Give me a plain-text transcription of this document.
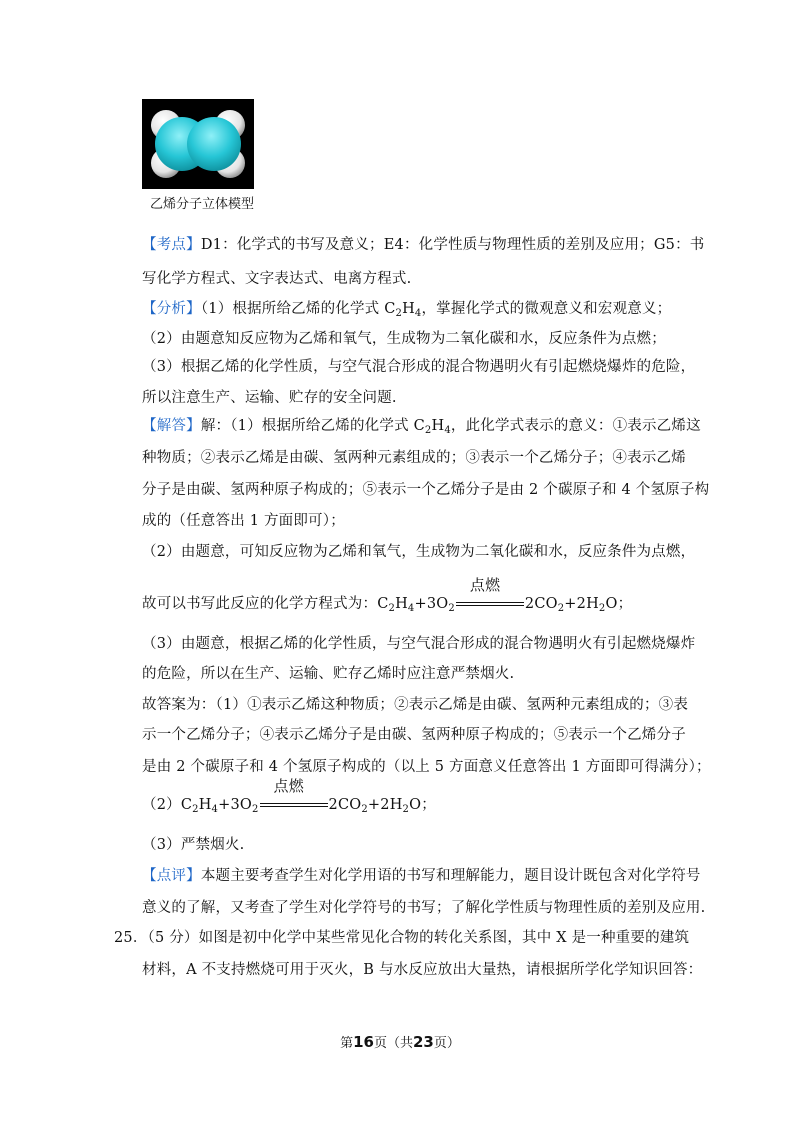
乙烯分子立体模型
【考点】D1：化学式的书写及意义；E4：化学性质与物理性质的差别及应用；G5：书
写化学方程式、文字表达式、电离方程式.
【分析】（1）根据所给乙烯的化学式 $C_2H_4$，掌握化学式的微观意义和宏观意义；
（2）由题意知反应物为乙烯和氧气，生成物为二氧化碳和水，反应条件为点燃；
（3）根据乙烯的化学性质，与空气混合形成的混合物遇明火有引起燃烧爆炸的危险，
所以注意生产、运输、贮存的安全问题.
【解答】解：（1）根据所给乙烯的化学式 $C_2H_4$，此化学式表示的意义：①表示乙烯这
种物质；②表示乙烯是由碳、氢两种元素组成的；③表示一个乙烯分子；④表示乙烯
分子是由碳、氢两种原子构成的；⑤表示一个乙烯分子是由 2 个碳原子和 4 个氢原子构
成的（任意答出 1 方面即可）；
（2）由题意，可知反应物为乙烯和氧气，生成物为二氧化碳和水，反应条件为点燃，
故可以书写此反应的化学方程式为：$C_2H_4+3O_2$
点燃
$2CO_2+2H_2O$；
（3）由题意，根据乙烯的化学性质，与空气混合形成的混合物遇明火有引起燃烧爆炸
的危险，所以在生产、运输、贮存乙烯时应注意严禁烟火.
故答案为：（1）①表示乙烯这种物质；②表示乙烯是由碳、氢两种元素组成的；③表
示一个乙烯分子；④表示乙烯分子是由碳、氢两种原子构成的；⑤表示一个乙烯分子
是由 2 个碳原子和 4 个氢原子构成的（以上 5 方面意义任意答出 1 方面即可得满分）；
$(2)C_2H_4+3O_2$
点燃
$2CO_2+2H_2O$；
（3）严禁烟火.
【点评】本题主要考查学生对化学用语的书写和理解能力，题目设计既包含对化学符号
意义的了解，又考查了学生对化学符号的书写；了解化学性质与物理性质的差别及应用.
25．（5 分）如图是初中化学中某些常见化合物的转化关系图，其中 X 是一种重要的建筑
材料，A 不支持燃烧可用于灭火，B 与水反应放出大量热，请根据所学化学知识回答：
第16页（共23页）
